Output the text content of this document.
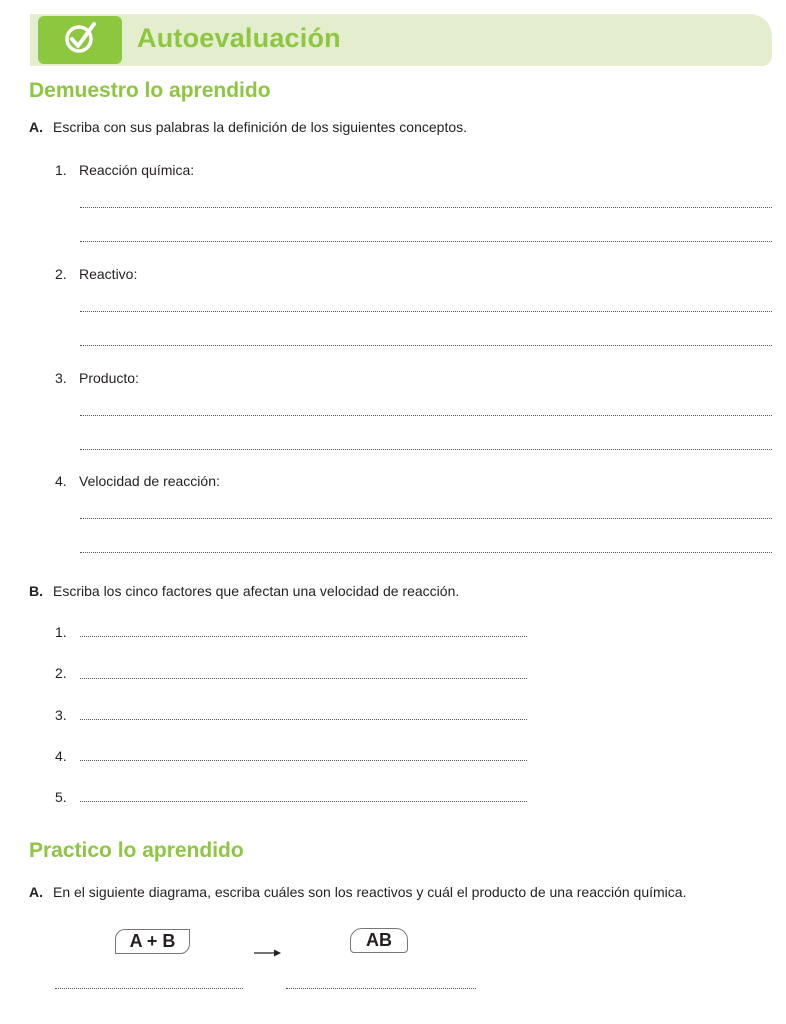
Autoevaluación
Demuestro lo aprendido
A. Escriba con sus palabras la definición de los siguientes conceptos.
1. Reacción química:
2. Reactivo:
3. Producto:
4. Velocidad de reacción:
B. Escriba los cinco factores que afectan una velocidad de reacción.
1.
2.
3.
4.
5.
Practico lo aprendido
A. En el siguiente diagrama, escriba cuáles son los reactivos y cuál el producto de una reacción química.
A + B	AB
